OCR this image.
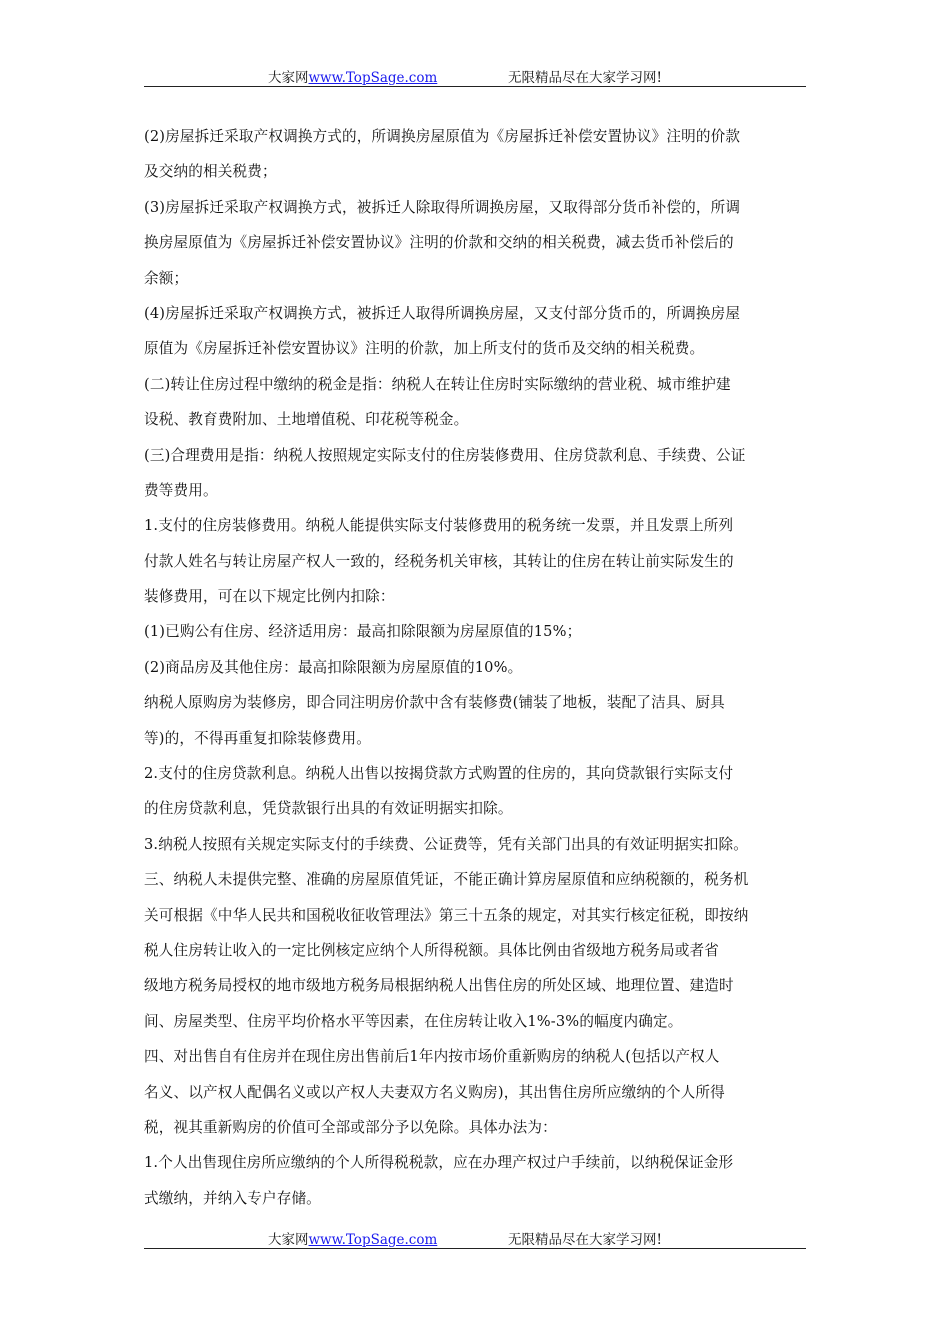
大家网www.TopSage.com	无限精品尽在大家学习网!
(2)房屋拆迁采取产权调换方式的，所调换房屋原值为《房屋拆迁补偿安置协议》注明的价款
及交纳的相关税费；
(3)房屋拆迁采取产权调换方式，被拆迁人除取得所调换房屋，又取得部分货币补偿的，所调
换房屋原值为《房屋拆迁补偿安置协议》注明的价款和交纳的相关税费，减去货币补偿后的
余额；
(4)房屋拆迁采取产权调换方式，被拆迁人取得所调换房屋，又支付部分货币的，所调换房屋
原值为《房屋拆迁补偿安置协议》注明的价款，加上所支付的货币及交纳的相关税费。
(二)转让住房过程中缴纳的税金是指：纳税人在转让住房时实际缴纳的营业税、城市维护建
设税、教育费附加、土地增值税、印花税等税金。
(三)合理费用是指：纳税人按照规定实际支付的住房装修费用、住房贷款利息、手续费、公证
费等费用。
1.支付的住房装修费用。纳税人能提供实际支付装修费用的税务统一发票，并且发票上所列
付款人姓名与转让房屋产权人一致的，经税务机关审核，其转让的住房在转让前实际发生的
装修费用，可在以下规定比例内扣除：
(1)已购公有住房、经济适用房：最高扣除限额为房屋原值的15%；
(2)商品房及其他住房：最高扣除限额为房屋原值的10%。
纳税人原购房为装修房，即合同注明房价款中含有装修费(铺装了地板，装配了洁具、厨具
等)的，不得再重复扣除装修费用。
2.支付的住房贷款利息。纳税人出售以按揭贷款方式购置的住房的，其向贷款银行实际支付
的住房贷款利息，凭贷款银行出具的有效证明据实扣除。
3.纳税人按照有关规定实际支付的手续费、公证费等，凭有关部门出具的有效证明据实扣除。
三、纳税人未提供完整、准确的房屋原值凭证，不能正确计算房屋原值和应纳税额的，税务机
关可根据《中华人民共和国税收征收管理法》第三十五条的规定，对其实行核定征税，即按纳
税人住房转让收入的一定比例核定应纳个人所得税额。具体比例由省级地方税务局或者省
级地方税务局授权的地市级地方税务局根据纳税人出售住房的所处区域、地理位置、建造时
间、房屋类型、住房平均价格水平等因素，在住房转让收入1%-3%的幅度内确定。
四、对出售自有住房并在现住房出售前后1年内按市场价重新购房的纳税人(包括以产权人
名义、以产权人配偶名义或以产权人夫妻双方名义购房)，其出售住房所应缴纳的个人所得
税，视其重新购房的价值可全部或部分予以免除。具体办法为：
1.个人出售现住房所应缴纳的个人所得税税款，应在办理产权过户手续前，以纳税保证金形
式缴纳，并纳入专户存储。
大家网www.TopSage.com	无限精品尽在大家学习网!
